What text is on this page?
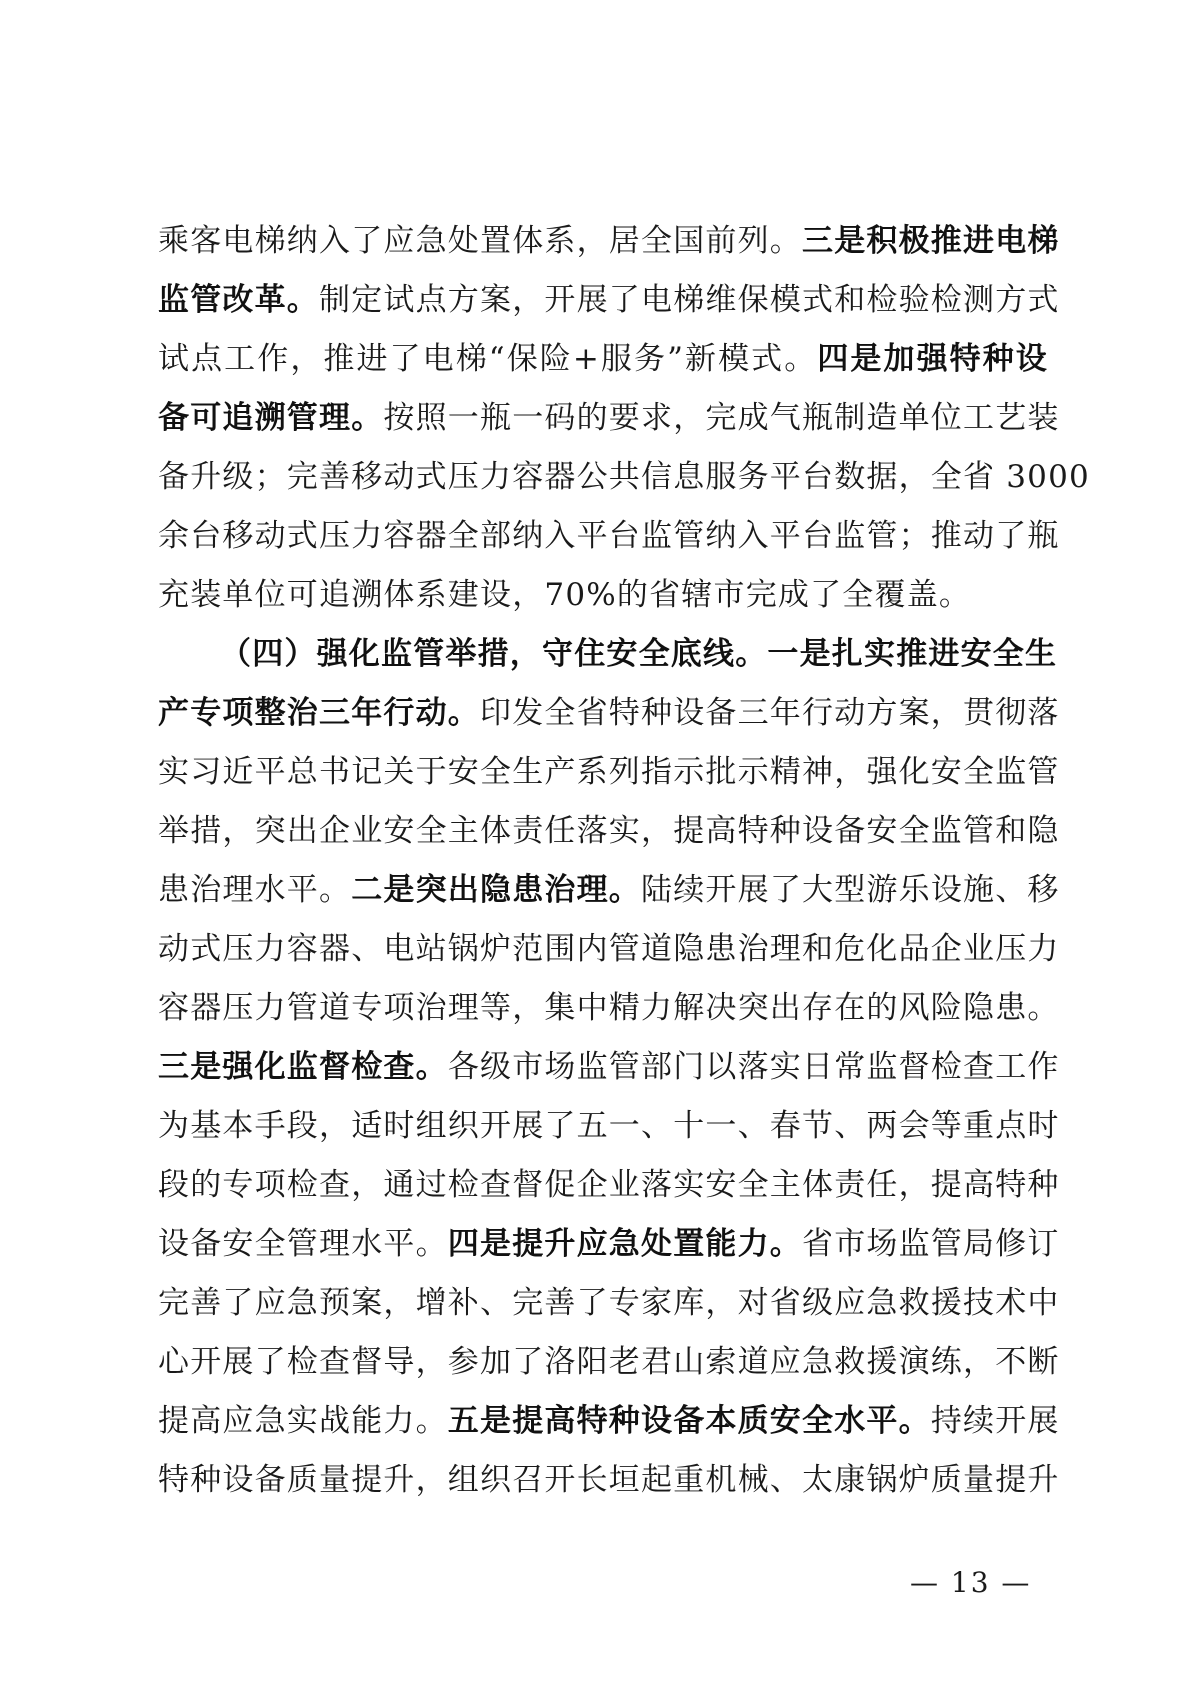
乘客电梯纳入了应急处置体系，居全国前列。三是积极推进电梯
监管改革。制定试点方案，开展了电梯维保模式和检验检测方式
试点工作，推进了电梯“保险+服务”新模式。四是加强特种设
备可追溯管理。按照一瓶一码的要求，完成气瓶制造单位工艺装
备升级；完善移动式压力容器公共信息服务平台数据，全省 3000
余台移动式压力容器全部纳入平台监管纳入平台监管；推动了瓶
充装单位可追溯体系建设，70%的省辖市完成了全覆盖。
（四）强化监管举措，守住安全底线。一是扎实推进安全生
产专项整治三年行动。印发全省特种设备三年行动方案，贯彻落
实习近平总书记关于安全生产系列指示批示精神，强化安全监管
举措，突出企业安全主体责任落实，提高特种设备安全监管和隐
患治理水平。二是突出隐患治理。陆续开展了大型游乐设施、移
动式压力容器、电站锅炉范围内管道隐患治理和危化品企业压力
容器压力管道专项治理等，集中精力解决突出存在的风险隐患。
三是强化监督检查。各级市场监管部门以落实日常监督检查工作
为基本手段，适时组织开展了五一、十一、春节、两会等重点时
段的专项检查，通过检查督促企业落实安全主体责任，提高特种
设备安全管理水平。四是提升应急处置能力。省市场监管局修订
完善了应急预案，增补、完善了专家库，对省级应急救援技术中
心开展了检查督导，参加了洛阳老君山索道应急救援演练，不断
提高应急实战能力。五是提高特种设备本质安全水平。持续开展
特种设备质量提升，组织召开长垣起重机械、太康锅炉质量提升
— 13 —
